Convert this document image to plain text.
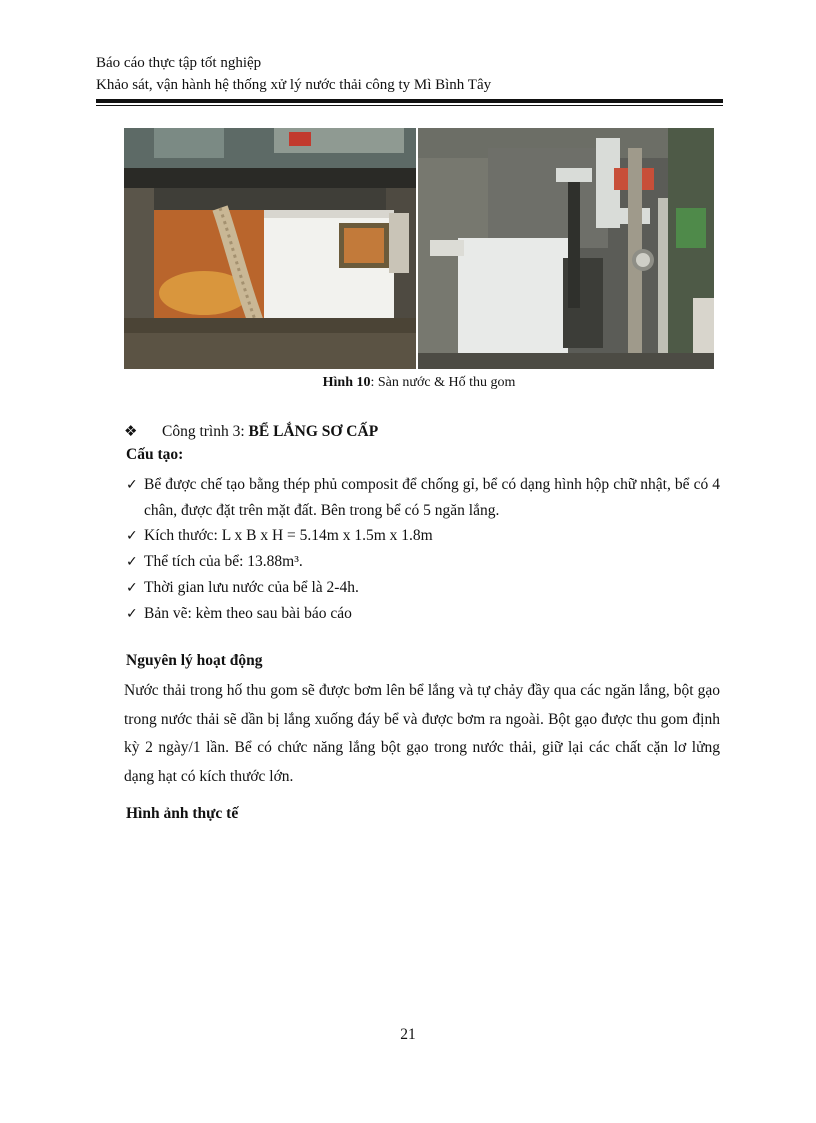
Báo cáo thực tập tốt nghiệp
Khảo sát, vận hành hệ thống xử lý nước thải công ty Mì Bình Tây
Hình 10: Sàn nước & Hố thu gom
❖ Công trình 3: BỂ LẮNG SƠ CẤP
Cấu tạo:
✓ Bể được chế tạo bằng thép phủ composit để chống gỉ, bể có dạng hình hộp chữ nhật, bể có 4 chân, được đặt trên mặt đất. Bên trong bể có 5 ngăn lắng.
✓ Kích thước: L x B x H = 5.14m x 1.5m x 1.8m
✓ Thể tích của bể: 13.88m³.
✓ Thời gian lưu nước của bể là 2-4h.
✓ Bản vẽ: kèm theo sau bài báo cáo
Nguyên lý hoạt động
Nước thải trong hố thu gom sẽ được bơm lên bể lắng và tự chảy đầy qua các ngăn lắng, bột gạo trong nước thải sẽ dần bị lắng xuống đáy bể và được bơm ra ngoài. Bột gạo được thu gom định kỳ 2 ngày/1 lần. Bể có chức năng lắng bột gạo trong nước thải, giữ lại các chất cặn lơ lửng dạng hạt có kích thước lớn.
Hình ảnh thực tế
21
